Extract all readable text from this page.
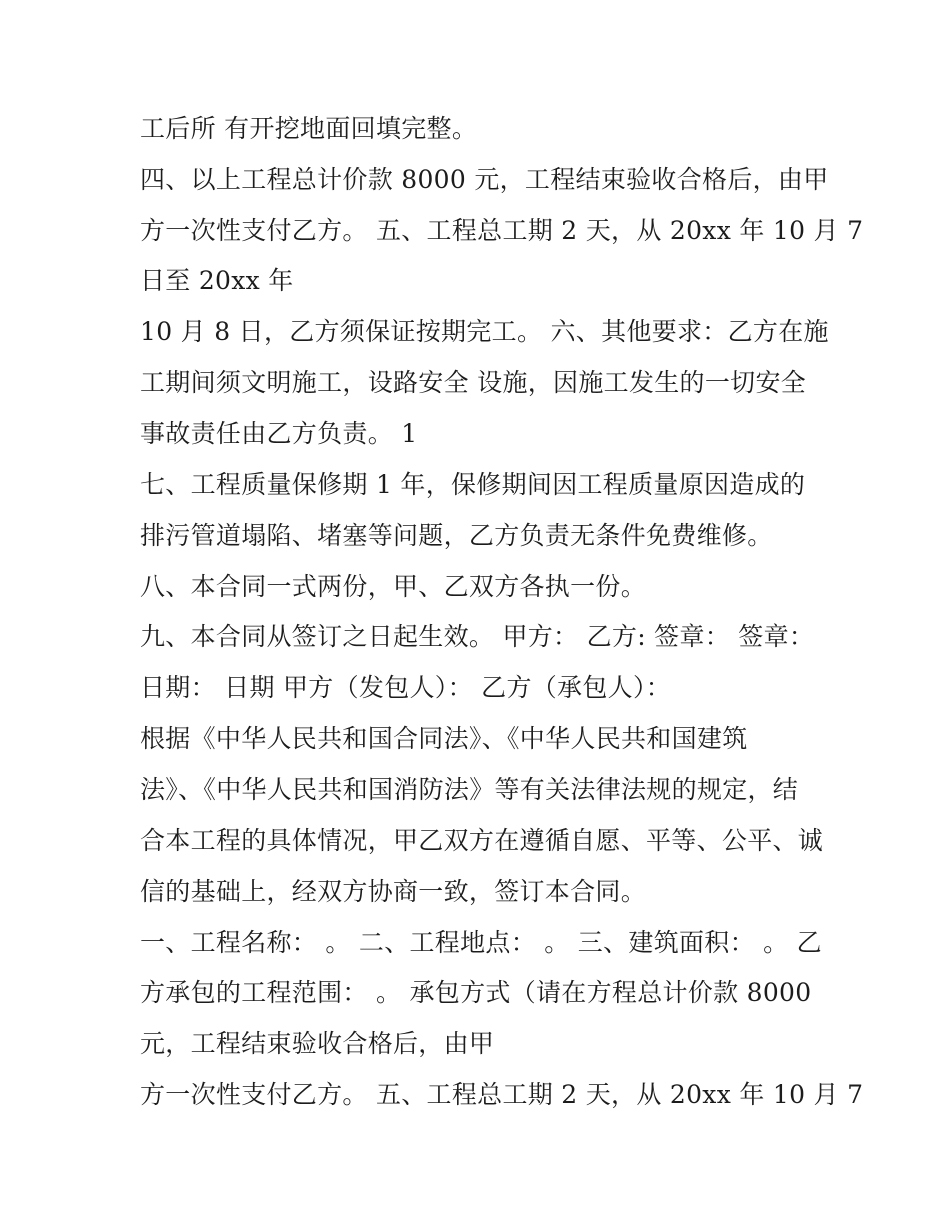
工后所 有开挖地面回填完整。
四、以上工程总计价款 8000 元，工程结束验收合格后，由甲
方一次性支付乙方。 五、工程总工期 2 天，从 20xx 年 10 月 7
日至 20xx 年
10 月 8 日，乙方须保证按期完工。 六、其他要求：乙方在施
工期间须文明施工，设路安全 设施，因施工发生的一切安全
事故责任由乙方负责。 1
七、工程质量保修期 1 年，保修期间因工程质量原因造成的
排污管道塌陷、堵塞等问题，乙方负责无条件免费维修。
八、本合同一式两份，甲、乙双方各执一份。
九、本合同从签订之日起生效。 甲方： 乙方: 签章： 签章：
日期： 日期 甲方（发包人）： 乙方（承包人）：
根据《中华人民共和国合同法》、《中华人民共和国建筑
法》、《中华人民共和国消防法》等有关法律法规的规定，结
合本工程的具体情况，甲乙双方在遵循自愿、平等、公平、诚
信的基础上，经双方协商一致，签订本合同。
一、工程名称： 。 二、工程地点： 。 三、建筑面积： 。 乙
方承包的工程范围： 。 承包方式（请在方程总计价款 8000
元，工程结束验收合格后，由甲
方一次性支付乙方。 五、工程总工期 2 天，从 20xx 年 10 月 7
